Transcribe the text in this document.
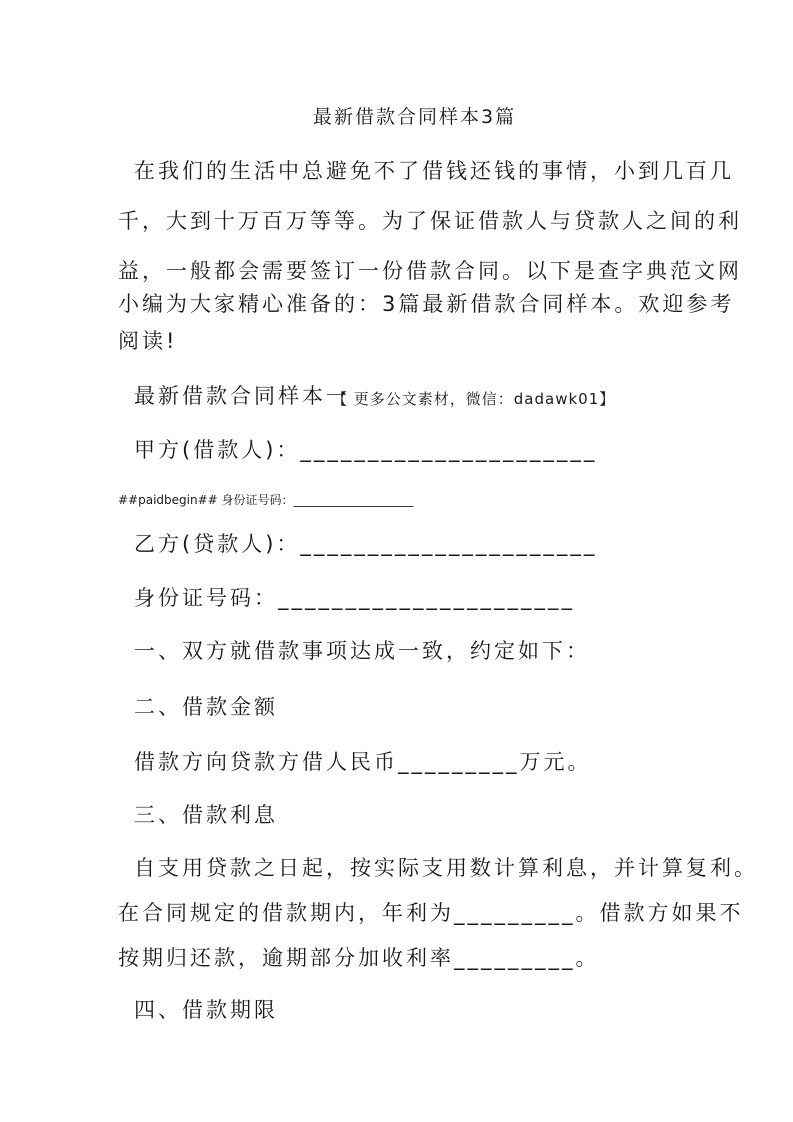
最新借款合同样本3篇
在我们的生活中总避免不了借钱还钱的事情，小到几百几
千，大到十万百万等等。为了保证借款人与贷款人之间的利
益，一般都会需要签订一份借款合同。以下是查字典范文网
小编为大家精心准备的：3篇最新借款合同样本。欢迎参考
阅读!
最新借款合同样本一
【 更多公文素材，微信：dadawk01】
甲方(借款人)：______________________
##paidbegin## 身份证号码：____________________
乙方(贷款人)：______________________
身份证号码：______________________
一、双方就借款事项达成一致，约定如下：
二、借款金额
借款方向贷款方借人民币_________万元。
三、借款利息
自支用贷款之日起，按实际支用数计算利息，并计算复利。
在合同规定的借款期内，年利为_________。借款方如果不
按期归还款，逾期部分加收利率_________。
四、借款期限
